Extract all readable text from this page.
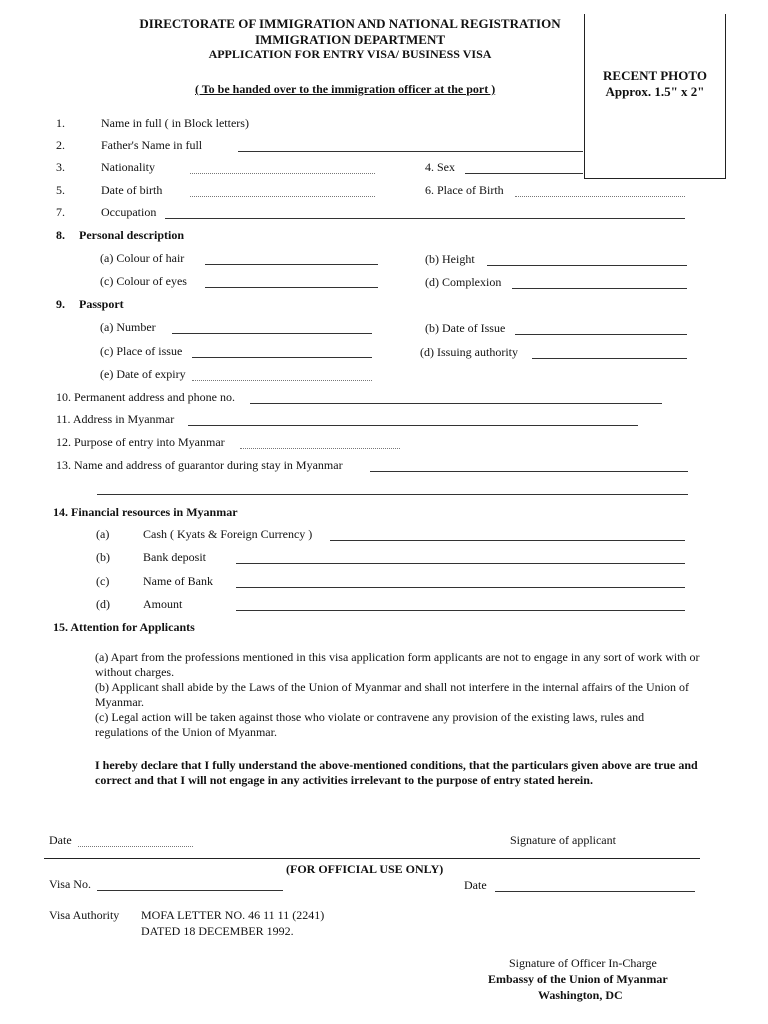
DIRECTORATE OF IMMIGRATION AND NATIONAL REGISTRATION
IMMIGRATION DEPARTMENT
APPLICATION FOR ENTRY VISA/ BUSINESS VISA
( To be handed over to the immigration officer at the port )
RECENT PHOTO
Approx. 1.5" x 2"
1.	Name in full ( in Block letters)
2.	Father's Name in full
3.	Nationality	4. Sex
5.	Date of birth	6. Place of Birth
7.	Occupation
8. Personal description
(a) Colour of hair	(b) Height
(c) Colour of eyes	(d) Complexion
9. Passport
(a) Number	(b) Date of Issue
(c) Place of issue	(d) Issuing authority
(e) Date of expiry
10. Permanent address and phone no.
11. Address in Myanmar
12. Purpose of entry into Myanmar
13. Name and address of guarantor during stay in Myanmar
14. Financial resources in Myanmar
(a)	Cash ( Kyats & Foreign Currency )
(b)	Bank deposit
(c)	Name of Bank
(d)	Amount
15. Attention for Applicants
(a) Apart from the professions mentioned in this visa application form applicants are not to engage in any sort of work with or without charges.
(b) Applicant shall abide by the Laws of the Union of Myanmar and shall not interfere in the internal affairs of the Union of Myanmar.
(c) Legal action will be taken against those who violate or contravene any provision of the existing laws, rules and regulations of the Union of Myanmar.
I hereby declare that I fully understand the above-mentioned conditions, that the particulars given above are true and correct and that I will not engage in any activities irrelevant to the purpose of entry stated herein.
Date	Signature of applicant
(FOR OFFICIAL USE ONLY)
Visa No.	Date
Visa Authority MOFA LETTER NO. 46 11 11 (2241)
DATED 18 DECEMBER 1992.
Signature of Officer In-Charge
Embassy of the Union of Myanmar
Washington, DC
